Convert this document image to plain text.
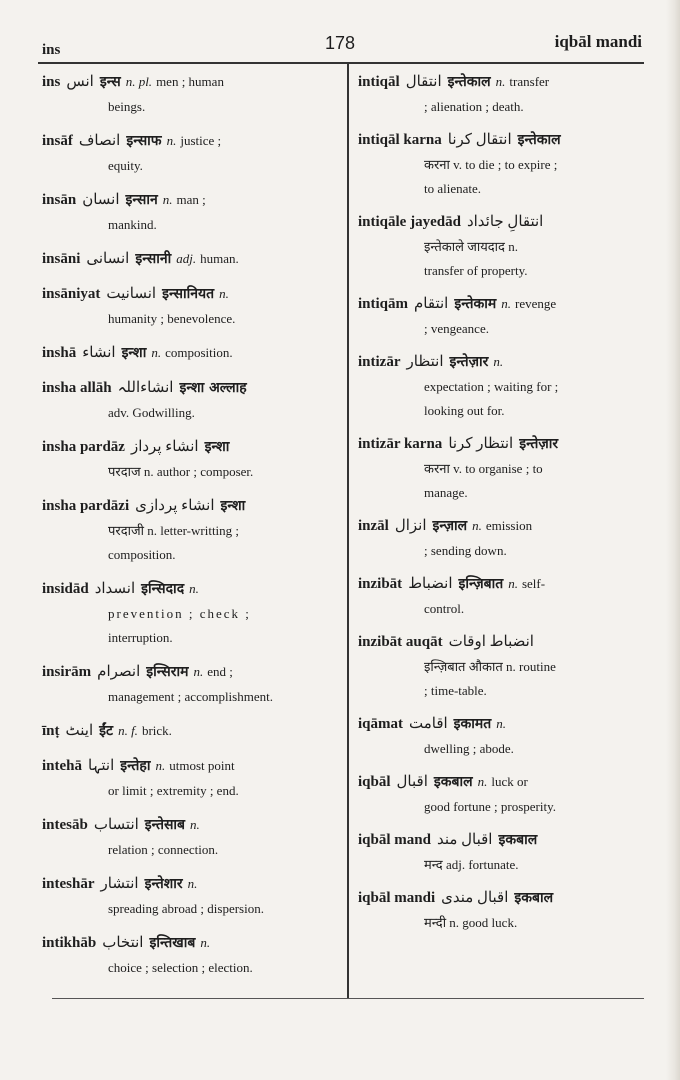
ins	178	iqbāl mandi
ins انس इन्स n. pl. men ; human
beings.
insāf انصاف इन्साफ n. justice ;
equity.
insān انسان इन्सान n. man ;
mankind.
insāni انسانی इन्सानी adj. human.
insāniyat انسانیت इन्सानियत n.
humanity ; benevolence.
inshā انشاء इन्शा n. composition.
insha allāh انشاءاللہ इन्शा अल्लाह
adv. Godwilling.
insha pardāz انشاء پرداز इन्शा
परदाज n. author ; composer.
insha pardāzi انشاء پردازی इन्शा
परदाजी n. letter-writting ;
composition.
insidād انسداد इन्सिदाद n.
prevention ; check ;
interruption.
insirām انصرام इन्सिराम n. end ;
management ; accomplishment.
īnṭ اینٹ ईंट n. f. brick.
intehā انتہا इन्तेहा n. utmost point
or limit ; extremity ; end.
intesāb انتساب इन्तेसाब n.
relation ; connection.
inteshār انتشار इन्तेशार n.
spreading abroad ; dispersion.
intikhāb انتخاب इन्तिखाब n.
choice ; selection ; election.
intiqāl انتقال इन्तेकाल n. transfer
; alienation ; death.
intiqāl karna انتقال کرنا इन्तेकाल
करना v. to die ; to expire ;
to alienate.
intiqāle jayedād انتقالِ جائداد
इन्तेकाले जायदाद n.
transfer of property.
intiqām انتقام इन्तेकाम n. revenge
; vengeance.
intizār انتظار इन्तेज़ार n.
expectation ; waiting for ;
looking out for.
intizār karna انتظار کرنا इन्तेज़ार
करना v. to organise ; to
manage.
inzāl انزال इन्ज़ाल n. emission
; sending down.
inzibāt انضباط इन्ज़िबात n. self-
control.
inzibāt auqāt انضباط اوقات
इन्ज़िबात औकात n. routine
; time-table.
iqāmat اقامت इकामत n.
dwelling ; abode.
iqbāl اقبال इकबाल n. luck or
good fortune ; prosperity.
iqbāl mand اقبال مند इकबाल
मन्द adj. fortunate.
iqbāl mandi اقبال مندی इकबाल
मन्दी n. good luck.
